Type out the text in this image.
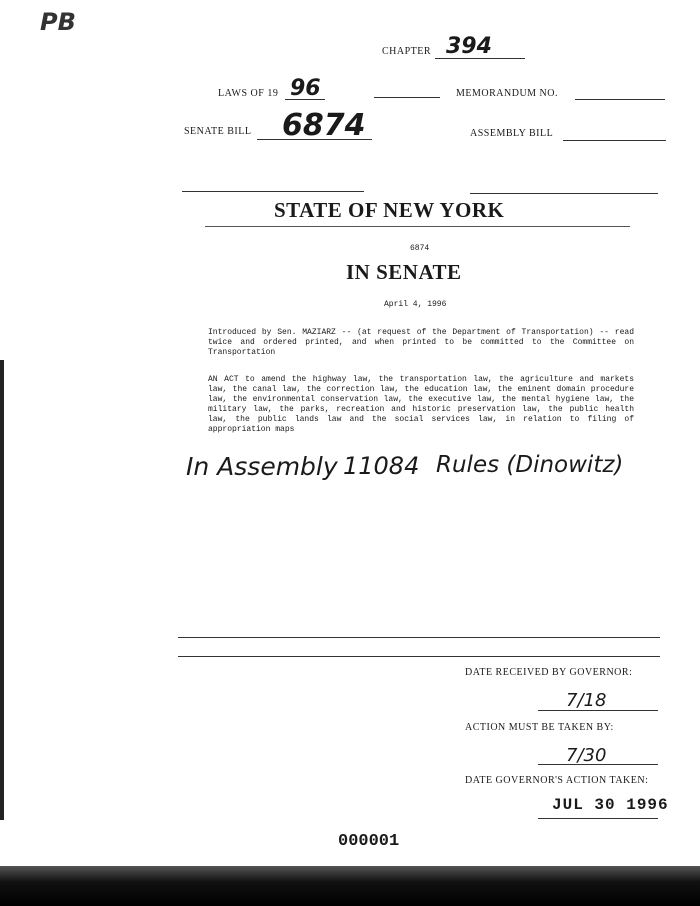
PB
CHAPTER 394
LAWS OF 19 96	MEMORANDUM NO.
SENATE BILL 6874	ASSEMBLY BILL
STATE OF NEW YORK
6874
IN SENATE
April 4, 1996
Introduced by Sen. MAZIARZ -- (at request of the Department of Transportation) -- read twice and ordered printed, and when printed to be committed to the Committee on Transportation
AN ACT to amend the highway law, the transportation law, the agriculture and markets law, the canal law, the correction law, the education law, the eminent domain procedure law, the environmental conservation law, the executive law, the mental hygiene law, the military law, the parks, recreation and historic preservation law, the public health law, the public lands law and the social services law, in relation to filing of appropriation maps
In Assembly 11084 Rules (Dinowitz)
DATE RECEIVED BY GOVERNOR:
7/18
ACTION MUST BE TAKEN BY:
7/30
DATE GOVERNOR'S ACTION TAKEN:
JUL 30 1996
000001
